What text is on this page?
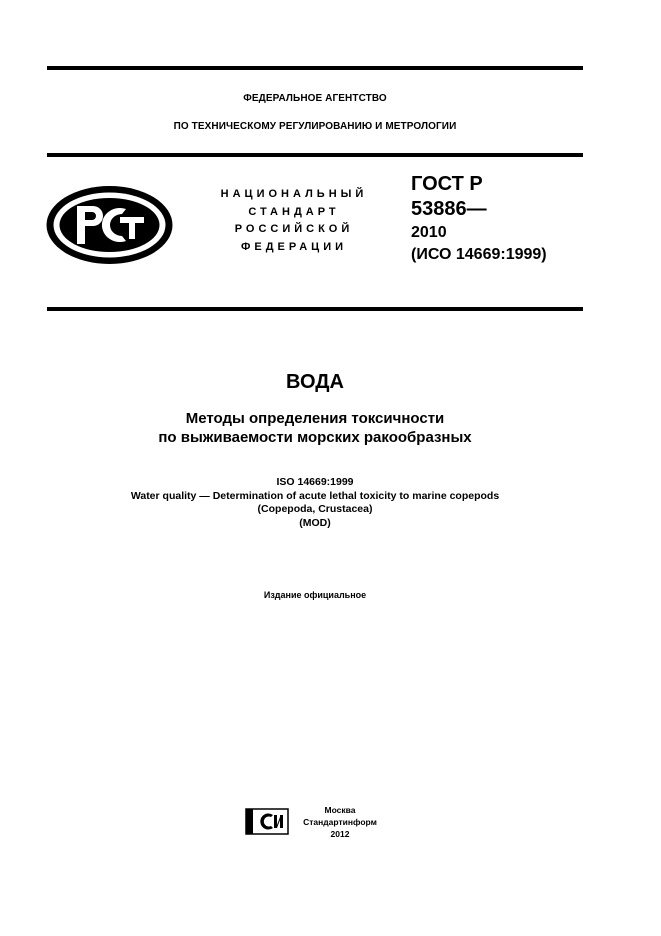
ФЕДЕРАЛЬНОЕ АГЕНТСТВО
ПО ТЕХНИЧЕСКОМУ РЕГУЛИРОВАНИЮ И МЕТРОЛОГИИ
НАЦИОНАЛЬНЫЙ
СТАНДАРТ
РОССИЙСКОЙ
ФЕДЕРАЦИИ
ГОСТ Р
53886—
2010
(ИСО 14669:1999)
ВОДА
Методы определения токсичности
по выживаемости морских ракообразных
ISO 14669:1999
Water quality — Determination of acute lethal toxicity to marine copepods
(Copepoda, Crustacea)
(MOD)
Издание официальное
Москва
Стандартинформ
2012
